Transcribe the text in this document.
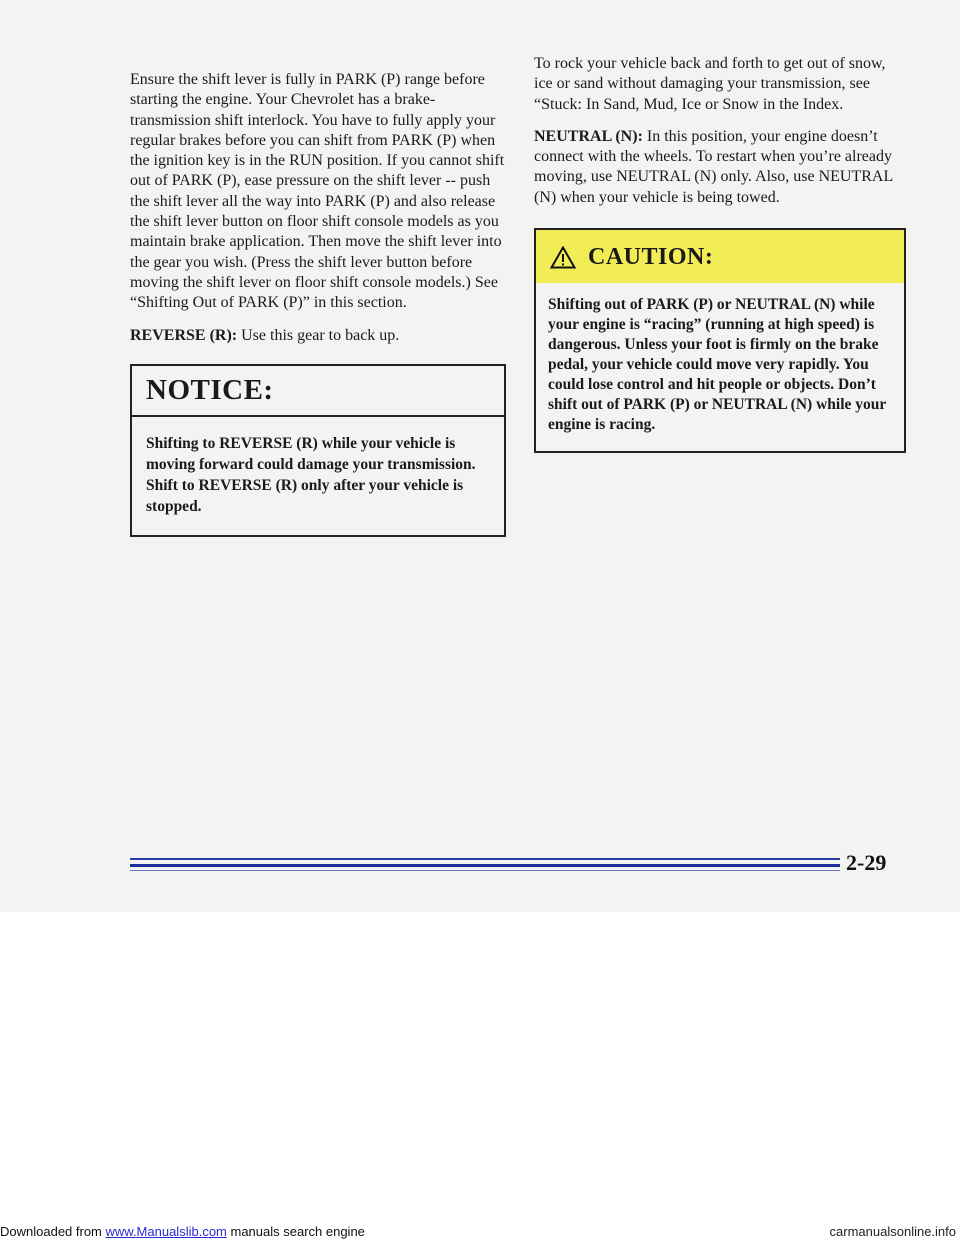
Ensure the shift lever is fully in PARK (P) range before starting the engine. Your Chevrolet has a brake-transmission shift interlock. You have to fully apply your regular brakes before you can shift from PARK (P) when the ignition key is in the RUN position. If you cannot shift out of PARK (P), ease pressure on the shift lever -- push the shift lever all the way into PARK (P) and also release the shift lever button on floor shift console models as you maintain brake application. Then move the shift lever into the gear you wish. (Press the shift lever button before moving the shift lever on floor shift console models.) See “Shifting Out of PARK (P)” in this section.

REVERSE (R): Use this gear to back up.

NOTICE:
Shifting to REVERSE (R) while your vehicle is moving forward could damage your transmission. Shift to REVERSE (R) only after your vehicle is stopped.

To rock your vehicle back and forth to get out of snow, ice or sand without damaging your transmission, see “Stuck: In Sand, Mud, Ice or Snow in the Index.

NEUTRAL (N): In this position, your engine doesn’t connect with the wheels. To restart when you’re already moving, use NEUTRAL (N) only. Also, use NEUTRAL (N) when your vehicle is being towed.

CAUTION:
Shifting out of PARK (P) or NEUTRAL (N) while your engine is “racing” (running at high speed) is dangerous. Unless your foot is firmly on the brake pedal, your vehicle could move very rapidly. You could lose control and hit people or objects. Don’t shift out of PARK (P) or NEUTRAL (N) while your engine is racing.
2-29
Downloaded from www.Manualslib.com manuals search engine	carmanualsonline.info
